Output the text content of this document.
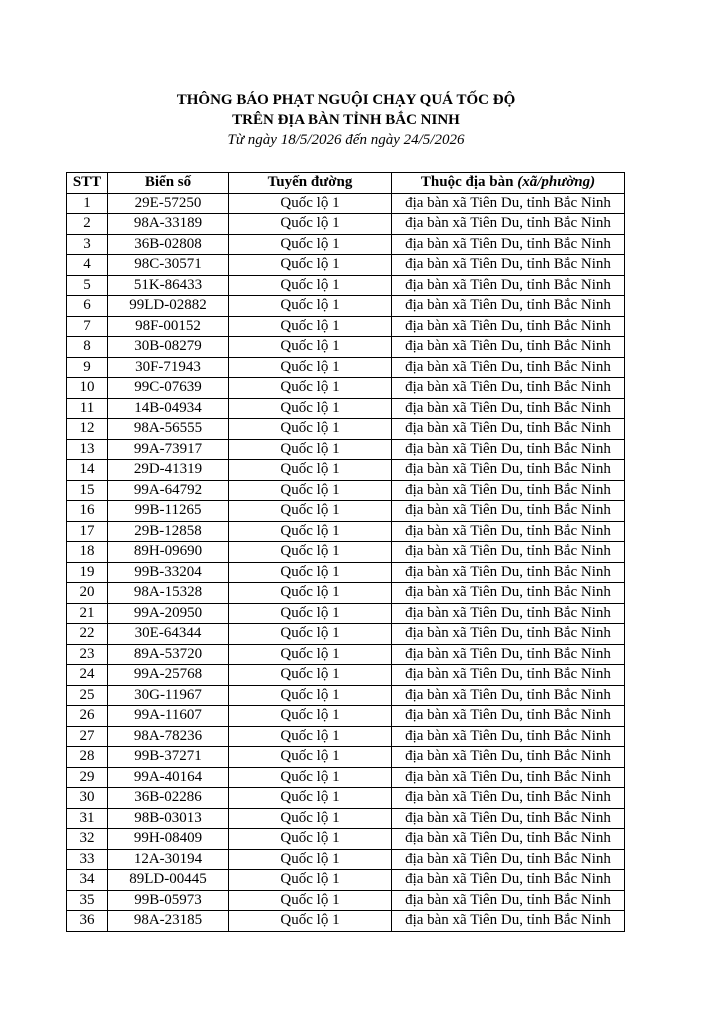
THÔNG BÁO PHẠT NGUỘI CHẠY QUÁ TỐC ĐỘ
TRÊN ĐỊA BÀN TỈNH BẮC NINH
Từ ngày 18/5/2026 đến ngày 24/5/2026
STT	Biển số	Tuyến đường	Thuộc địa bàn (xã/phường)
1	29E-57250	Quốc lộ 1	địa bàn xã Tiên Du, tỉnh Bắc Ninh
2	98A-33189	Quốc lộ 1	địa bàn xã Tiên Du, tỉnh Bắc Ninh
3	36B-02808	Quốc lộ 1	địa bàn xã Tiên Du, tỉnh Bắc Ninh
4	98C-30571	Quốc lộ 1	địa bàn xã Tiên Du, tỉnh Bắc Ninh
5	51K-86433	Quốc lộ 1	địa bàn xã Tiên Du, tỉnh Bắc Ninh
6	99LD-02882	Quốc lộ 1	địa bàn xã Tiên Du, tỉnh Bắc Ninh
7	98F-00152	Quốc lộ 1	địa bàn xã Tiên Du, tỉnh Bắc Ninh
8	30B-08279	Quốc lộ 1	địa bàn xã Tiên Du, tỉnh Bắc Ninh
9	30F-71943	Quốc lộ 1	địa bàn xã Tiên Du, tỉnh Bắc Ninh
10	99C-07639	Quốc lộ 1	địa bàn xã Tiên Du, tỉnh Bắc Ninh
11	14B-04934	Quốc lộ 1	địa bàn xã Tiên Du, tỉnh Bắc Ninh
12	98A-56555	Quốc lộ 1	địa bàn xã Tiên Du, tỉnh Bắc Ninh
13	99A-73917	Quốc lộ 1	địa bàn xã Tiên Du, tỉnh Bắc Ninh
14	29D-41319	Quốc lộ 1	địa bàn xã Tiên Du, tỉnh Bắc Ninh
15	99A-64792	Quốc lộ 1	địa bàn xã Tiên Du, tỉnh Bắc Ninh
16	99B-11265	Quốc lộ 1	địa bàn xã Tiên Du, tỉnh Bắc Ninh
17	29B-12858	Quốc lộ 1	địa bàn xã Tiên Du, tỉnh Bắc Ninh
18	89H-09690	Quốc lộ 1	địa bàn xã Tiên Du, tỉnh Bắc Ninh
19	99B-33204	Quốc lộ 1	địa bàn xã Tiên Du, tỉnh Bắc Ninh
20	98A-15328	Quốc lộ 1	địa bàn xã Tiên Du, tỉnh Bắc Ninh
21	99A-20950	Quốc lộ 1	địa bàn xã Tiên Du, tỉnh Bắc Ninh
22	30E-64344	Quốc lộ 1	địa bàn xã Tiên Du, tỉnh Bắc Ninh
23	89A-53720	Quốc lộ 1	địa bàn xã Tiên Du, tỉnh Bắc Ninh
24	99A-25768	Quốc lộ 1	địa bàn xã Tiên Du, tỉnh Bắc Ninh
25	30G-11967	Quốc lộ 1	địa bàn xã Tiên Du, tỉnh Bắc Ninh
26	99A-11607	Quốc lộ 1	địa bàn xã Tiên Du, tỉnh Bắc Ninh
27	98A-78236	Quốc lộ 1	địa bàn xã Tiên Du, tỉnh Bắc Ninh
28	99B-37271	Quốc lộ 1	địa bàn xã Tiên Du, tỉnh Bắc Ninh
29	99A-40164	Quốc lộ 1	địa bàn xã Tiên Du, tỉnh Bắc Ninh
30	36B-02286	Quốc lộ 1	địa bàn xã Tiên Du, tỉnh Bắc Ninh
31	98B-03013	Quốc lộ 1	địa bàn xã Tiên Du, tỉnh Bắc Ninh
32	99H-08409	Quốc lộ 1	địa bàn xã Tiên Du, tỉnh Bắc Ninh
33	12A-30194	Quốc lộ 1	địa bàn xã Tiên Du, tỉnh Bắc Ninh
34	89LD-00445	Quốc lộ 1	địa bàn xã Tiên Du, tỉnh Bắc Ninh
35	99B-05973	Quốc lộ 1	địa bàn xã Tiên Du, tỉnh Bắc Ninh
36	98A-23185	Quốc lộ 1	địa bàn xã Tiên Du, tỉnh Bắc Ninh
